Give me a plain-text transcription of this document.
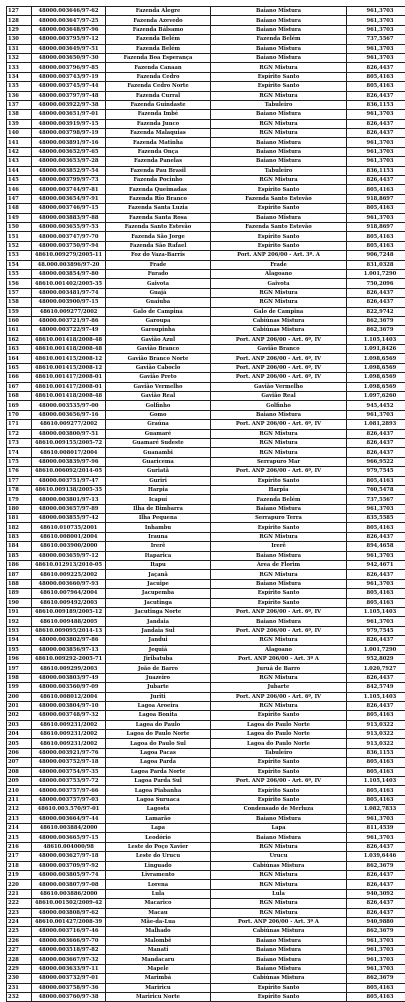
127	48000.003646/97-62	Fazenda Alegre	Baiano Mistura	961,3703
128	48000.003647/97-25	Fazenda Azevedo	Baiano Mistura	961,3703
129	48000.003648/97-96	Fazenda Bálsamo	Baiano Mistura	961,3703
130	48000.003795/97-12	Fazenda Belém	Fazenda Belém	737,5567
131	48000.003649/97-51	Fazenda Belém	Baiano Mistura	961,3703
132	48000.003650/97-30	Fazenda Boa Esperança	Baiano Mistura	961,3703
133	48000.003796/97-85	Fazenda Canaan	RGN Mistura	826,4437
134	48000.003743/97-19	Fazenda Cedro	Espírito Santo	805,4163
135	48000.003745/97-44	Fazenda Cedro Norte	Espírito Santo	805,4163
136	48000.003797/97-48	Fazenda Curral	RGN Mistura	826,4437
137	48000.003922/97-38	Fazenda Guindaste	Tabuleiro	836,1153
138	48000.003651/97-01	Fazenda Imbé	Baiano Mistura	961,3703
139	48000.003919/97-15	Fazenda Junco	RGN Mistura	826,4437
140	48000.003798/97-19	Fazenda Malaquias	RGN Mistura	826,4437
141	48000.003891/97-16	Fazenda Matinha	Baiano Mistura	961,3703
142	48000.003652/97-65	Fazenda Onça	Baiano Mistura	961,3703
143	48000.003653/97-28	Fazenda Panelas	Baiano Mistura	961,3703
144	48000.003852/97-54	Fazenda Pau Brasil	Tabuleiro	836,1153
145	48000.003799/97-73	Fazenda Pocinho	RGN Mistura	826,4437
146	48000.003744/97-81	Fazenda Queimadas	Espírito Santo	805,4163
147	48000.003654/97-91	Fazenda Rio Branco	Fazenda Santo Estevão	918,8697
148	48000.003746/97-15	Fazenda Santa Luzia	Espírito Santo	805,4163
149	48000.003883/97-88	Fazenda Santa Rosa	Baiano Mistura	961,3703
150	48000.003655/97-53	Fazenda Santo Estevão	Fazenda Santo Estevão	918,8697
151	48000.003747/97-70	Fazenda São Jorge	Espírito Santo	805,4163
152	48000.003750/97-94	Fazenda São Rafael	Espírito Santo	805,4163
153	48610.009279/2005-11	Foz do Vaza-Barris	Port. ANP 206/00 - Art. 3º. A	906,7248
154	48.000.003896/97-20	Frade	Frade	831,0328
155	48000.003854/97-80	Furado	Alagoano	1.001,7290
156	48610.001402/2005-35	Gaivota	Gaivota	750,2096
157	48000.003481/97-74	Guajá	RGN Mistura	826,4437
158	48000.003900/97-15	Guaiuba	RGN Mistura	826,4437
159	48610.009277/2002	Galo de Campina	Galo de Campina	822,9742
160	48000.003721/97-86	Garoupa	Cabiúnas Mistura	862,3679
161	48000.003722/97-49	Garoupinha	Cabiúnas Mistura	862,3679
162	48610.001418/2008-48	Gavião Azul	Port. ANP 206/00 - Art. 6º, IV	1.105,1403
163	48610.001418/2008-48	Gavião Branco	Gavião Branco	1.091,8426
164	48610.001415/2008-12	Gavião Branco Norte	Port. ANP 206/00 - Art. 6º, IV	1.098,6569
165	48610.001415/2008-12	Gavião Caboclo	Port. ANP 206/00 - Art. 6º, IV	1.098,6569
166	48610.001417/2008-01	Gavião Preto	Port. ANP 206/00 - Art. 6º, IV	1.098,6569
167	48610.001417/2008-01	Gavião Vermelho	Gavião Vermelho	1.098,6569
168	48610.001418/2008-48	Gavião Real	Gavião Real	1.097,6260
169	48000.003535/97-00	Golfinho	Golfinho	945,4452
170	48000.003656/97-16	Gomo	Baiano Mistura	961,3703
171	48610.009277/2002	Graúna	Port. ANP 206/00 - Art. 6º, IV	1.081,2893
172	48000.003800/97-51	Guamaré	RGN Mistura	826,4437
173	48610.009155/2005-72	Guamaré Sudeste	RGN Mistura	826,4437
174	48610.008017/2004	Guanambi	RGN Mistura	826,4437
175	48000.003839/97-96	Guaricema	Serrapuro Mar	966,9522
176	48610.006092/2014-05	Guriatã	Port. ANP 206/00 - Art. 6º, IV	979,7545
177	48000.003751/97-47	Guriri	Espírito Santo	805,4163
178	48610.009138/2005-35	Harpia	Harpia	760,5478
179	48000.003801/97-13	Icapuí	Fazenda Belém	737,5567
180	48000.003657/97-89	Ilha de Bimbarra	Baiano Mistura	961,3703
181	48000.003855/97-42	Ilha Pequena	Serrapuro Terra	835,5585
182	48610.010735/2001	Inhambu	Espírito Santo	805,4163
183	48610.008001/2004	Irauna	RGN Mistura	826,4437
184	48610.003900/2000	Irerê	Irerê	894,4658
185	48000.003659/97-12	Itaparica	Baiano Mistura	961,3703
186	48610.012913/2010-05	Itapu	Área de Florim	942,4671
187	48610.009225/2002	Jaçanã	RGN Mistura	826,4437
188	48000.003660/97-93	Jacuipe	Baiano Mistura	961,3703
189	48610.007964/2004	Jacupemba	Espírito Santo	805,4163
190	48610.009492/2003	Jacutinga	Espírito Santo	805,4163
191	48610.009189/2005-12	Jacutinga Norte	Port. ANP 206/00 - Art. 6º, IV	1.105,1403
192	48610.009488/2005	Jandaia	Baiano Mistura	961,3703
193	48610.009095/2014-13	Jandaia Sul	Port. ANP 206/00 - Art. 6º, IV	979,7545
194	48000.003802/97-86	Jandui	RGN Mistura	826,4437
195	48000.003856/97-13	Jequiá	Alagoano	1.001,7290
196	48610.009292-2005-71	Jiribatuba	Port. ANP 206/00 - Art. 3º A	952,8029
197	48610.009299/2003	João de Barro	Juruá de Barro	1.020,7927
198	48000.003803/97-49	Juazeiro	RGN Mistura	826,4437
199	48000.003560/97-09	Jubarte	Jubarte	842,5749
200	48610.008012/2004	Juriti	Port. ANP 206/00 - Art. 6º, IV	1.105,1403
201	48000.003804/97-10	Lagoa Aroeira	RGN Mistura	826,4437
202	48000.003748/97-32	Lagoa Bonita	Espírito Santo	805,4163
203	48610.009231/2002	Lagoa do Paulo	Lagoa do Paulo Norte	913,0322
204	48610.009231/2002	Lagoa do Paulo Norte	Lagoa do Paulo Norte	913,0322
205	48610.009231/2002	Lagoa do Paulo Sul	Lagoa do Paulo Norte	913,0322
206	48000.003921/97-76	Lagoa Pacas	Tabuleiro	836,1153
207	48000.003752/97-18	Lagoa Parda	Espírito Santo	805,4163
208	48000.003754/97-35	Lagoa Parda Norte	Espírito Santo	805,4163
209	48000.003753/97-72	Lagoa Parda Sul	Port. ANP 206/00 - Art. 6º, IV	1.105,1403
210	48000.003757/97-66	Lagoa Piabanha	Espírito Santo	805,4163
211	48000.003757/97-03	Lagoa Suruaca	Espírito Santo	805,4163
212	48610.003.570/97-01	Lagosta	Condensado de Merluza	1.082,7833
213	48000.003664/97-44	Lamarão	Baiano Mistura	961,3703
214	48610.003884/2000	Lapa	Lapa	811,4539
215	48000.003665/97-15	Leodório	Baiano Mistura	961,3703
216	48610.004000/98	Leste do Poço Xavier	RGN Mistura	826,4437
217	48000.003627/97-18	Leste do Urucu	Urucu	1.039,6446
218	48000.003709/97-92	Linguado	Cabiúnas Mistura	862,3679
219	48000.003805/97-74	Livramento	RGN Mistura	826,4437
220	48000.003807/97-08	Lorena	RGN Mistura	826,4437
221	48610.003886/2000	Lula	Lula	940,3092
222	48610.001502/2009-42	Macarico	RGN Mistura	826,4437
223	48000.003808/97-62	Macau	RGN Mistura	826,4437
224	48610.001427/2008-39	Mãe-da-Lua	Port. ANP 206/00 - Art. 3º A	940,9880
225	48000.003716/97-46	Malhado	Cabiúnas Mistura	862,3679
226	48000.003666/97-70	Malombê	Baiano Mistura	961,3703
227	48000.003518/97-82	Manati	Baiano Mistura	961,3703
228	48000.003667/97-32	Mandacaru	Baiano Mistura	961,3703
229	48000.003633/97-11	Mapele	Baiano Mistura	961,3703
230	48000.003732/97-01	Marimbá	Cabiúnas Mistura	862,3679
231	48000.003758/97-36	Mariricu	Espírito Santo	805,4163
232	48000.003760/97-38	Mariricu Norte	Espírito Santo	805,4163
